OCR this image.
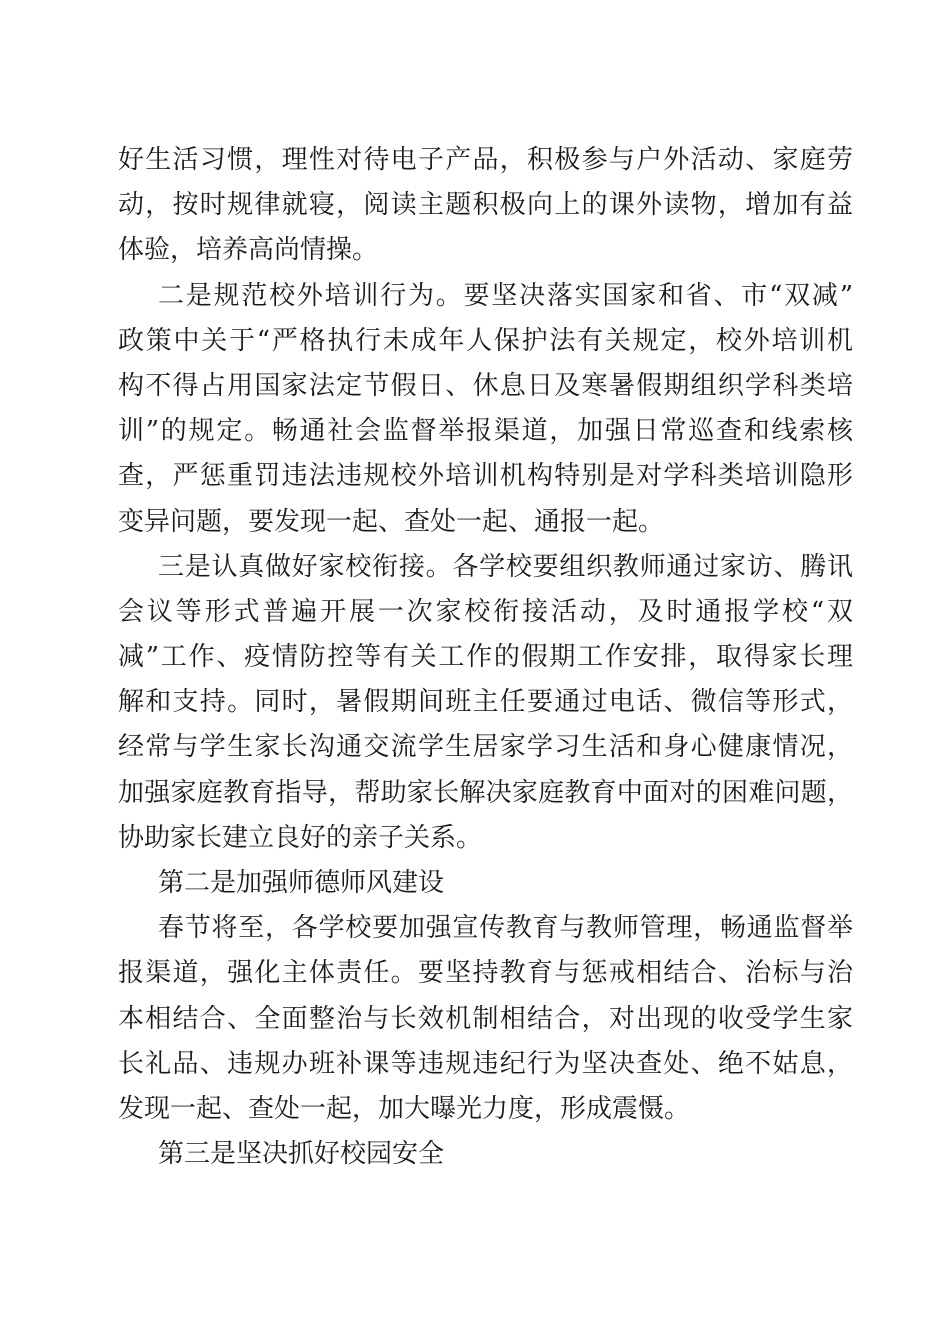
好生活习惯，理性对待电子产品，积极参与户外活动、家庭劳
动，按时规律就寝，阅读主题积极向上的课外读物，增加有益
体验，培养高尚情操。
二是规范校外培训行为。要坚决落实国家和省、市“双减”
政策中关于“严格执行未成年人保护法有关规定，校外培训机
构不得占用国家法定节假日、休息日及寒暑假期组织学科类培
训”的规定。畅通社会监督举报渠道，加强日常巡查和线索核
查，严惩重罚违法违规校外培训机构特别是对学科类培训隐形
变异问题，要发现一起、查处一起、通报一起。
三是认真做好家校衔接。各学校要组织教师通过家访、腾讯
会议等形式普遍开展一次家校衔接活动，及时通报学校“双
减”工作、疫情防控等有关工作的假期工作安排，取得家长理
解和支持。同时，暑假期间班主任要通过电话、微信等形式，
经常与学生家长沟通交流学生居家学习生活和身心健康情况，
加强家庭教育指导，帮助家长解决家庭教育中面对的困难问题，
协助家长建立良好的亲子关系。
第二是加强师德师风建设
春节将至，各学校要加强宣传教育与教师管理，畅通监督举
报渠道，强化主体责任。要坚持教育与惩戒相结合、治标与治
本相结合、全面整治与长效机制相结合，对出现的收受学生家
长礼品、违规办班补课等违规违纪行为坚决查处、绝不姑息，
发现一起、查处一起，加大曝光力度，形成震慑。
第三是坚决抓好校园安全
